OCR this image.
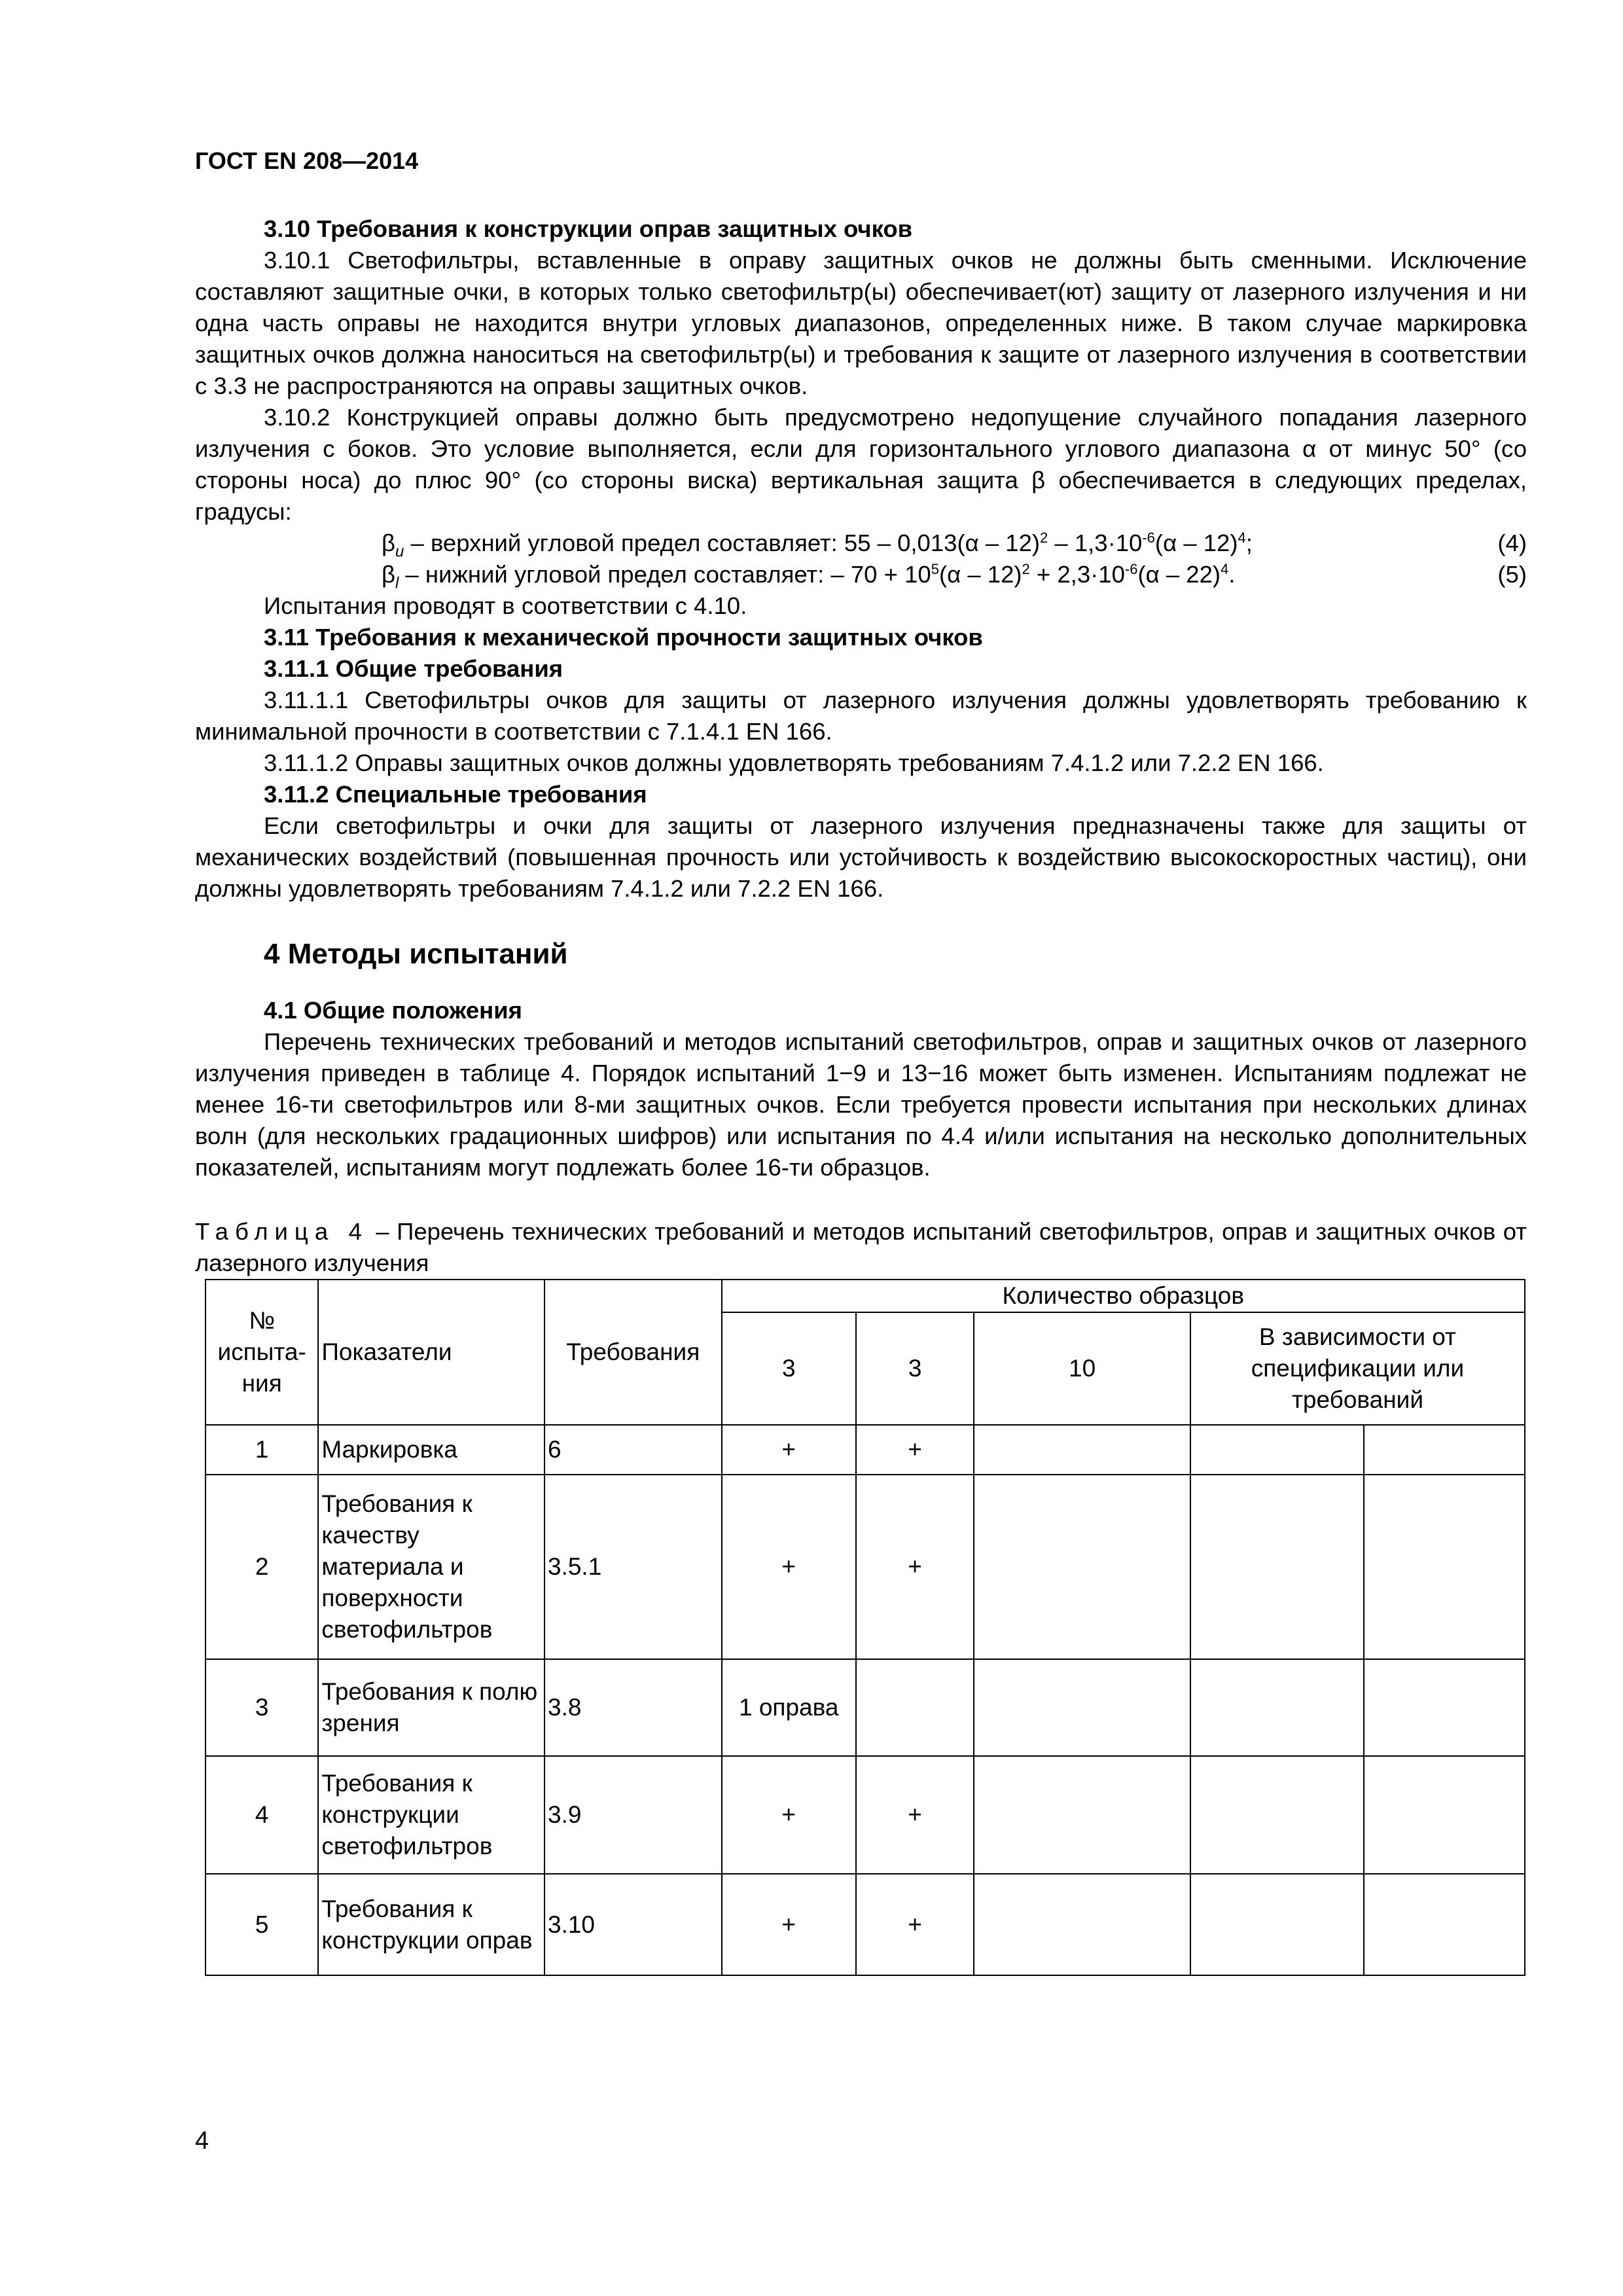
ГОСТ EN 208—2014
3.10 Требования к конструкции оправ защитных очков
3.10.1 Светофильтры, вставленные в оправу защитных очков не должны быть сменными. Исключение составляют защитные очки, в которых только светофильтр(ы) обеспечивает(ют) защиту от лазерного излучения и ни одна часть оправы не находится внутри угловых диапазонов, определенных ниже. В таком случае маркировка защитных очков должна наноситься на светофильтр(ы) и требования к защите от лазерного излучения в соответствии с 3.3 не распространяются на оправы защитных очков.
3.10.2 Конструкцией оправы должно быть предусмотрено недопущение случайного попадания лазерного излучения с боков. Это условие выполняется, если для горизонтального углового диапазона α от минус 50° (со стороны носа) до плюс 90° (со стороны виска) вертикальная защита β обеспечивается в следующих пределах, градусы:
$\beta_u$ – верхний угловой предел составляет: $55 - 0,013(\alpha - 12)^2 - 1,3\cdot 10^{-6}(\alpha - 12)^4$;	(4)
$\beta_l$ – нижний угловой предел составляет: – $70 + 10^5(\alpha - 12)^2 + 2,3\cdot 10^{-6}(\alpha - 22)^4$.	(5)
Испытания проводят в соответствии с 4.10.
3.11 Требования к механической прочности защитных очков
3.11.1 Общие требования
3.11.1.1 Светофильтры очков для защиты от лазерного излучения должны удовлетворять требованию к минимальной прочности в соответствии с 7.1.4.1 EN 166.
3.11.1.2 Оправы защитных очков должны удовлетворять требованиям 7.4.1.2 или 7.2.2 EN 166.
3.11.2 Специальные требования
Если светофильтры и очки для защиты от лазерного излучения предназначены также для защиты от механических воздействий (повышенная прочность или устойчивость к воздействию высокоскоростных частиц), они должны удовлетворять требованиям 7.4.1.2 или 7.2.2 EN 166.
4 Методы испытаний
4.1 Общие положения
Перечень технических требований и методов испытаний светофильтров, оправ и защитных очков от лазерного излучения приведен в таблице 4. Порядок испытаний 1−9 и 13−16 может быть изменен. Испытаниям подлежат не менее 16-ти светофильтров или 8-ми защитных очков. Если требуется провести испытания при нескольких длинах волн (для нескольких градационных шифров) или испытания по 4.4 и/или испытания на несколько дополнительных показателей, испытаниям могут подлежать более 16-ти образцов.
Таблица 4 – Перечень технических требований и методов испытаний светофильтров, оправ и защитных очков от лазерного излучения
№ испыта-ния	Показатели	Требования	Количество образцов				
			3	3	10	В зависимости от спецификации или требований	
1	Маркировка	6	+	+			
2	Требования к качеству материала и поверхности светофильтров	3.5.1	+	+			
3	Требования к полю зрения	3.8	1 оправа				
4	Требования к конструкции светофильтров	3.9	+	+			
5	Требования к конструкции оправ	3.10	+	+			
4
